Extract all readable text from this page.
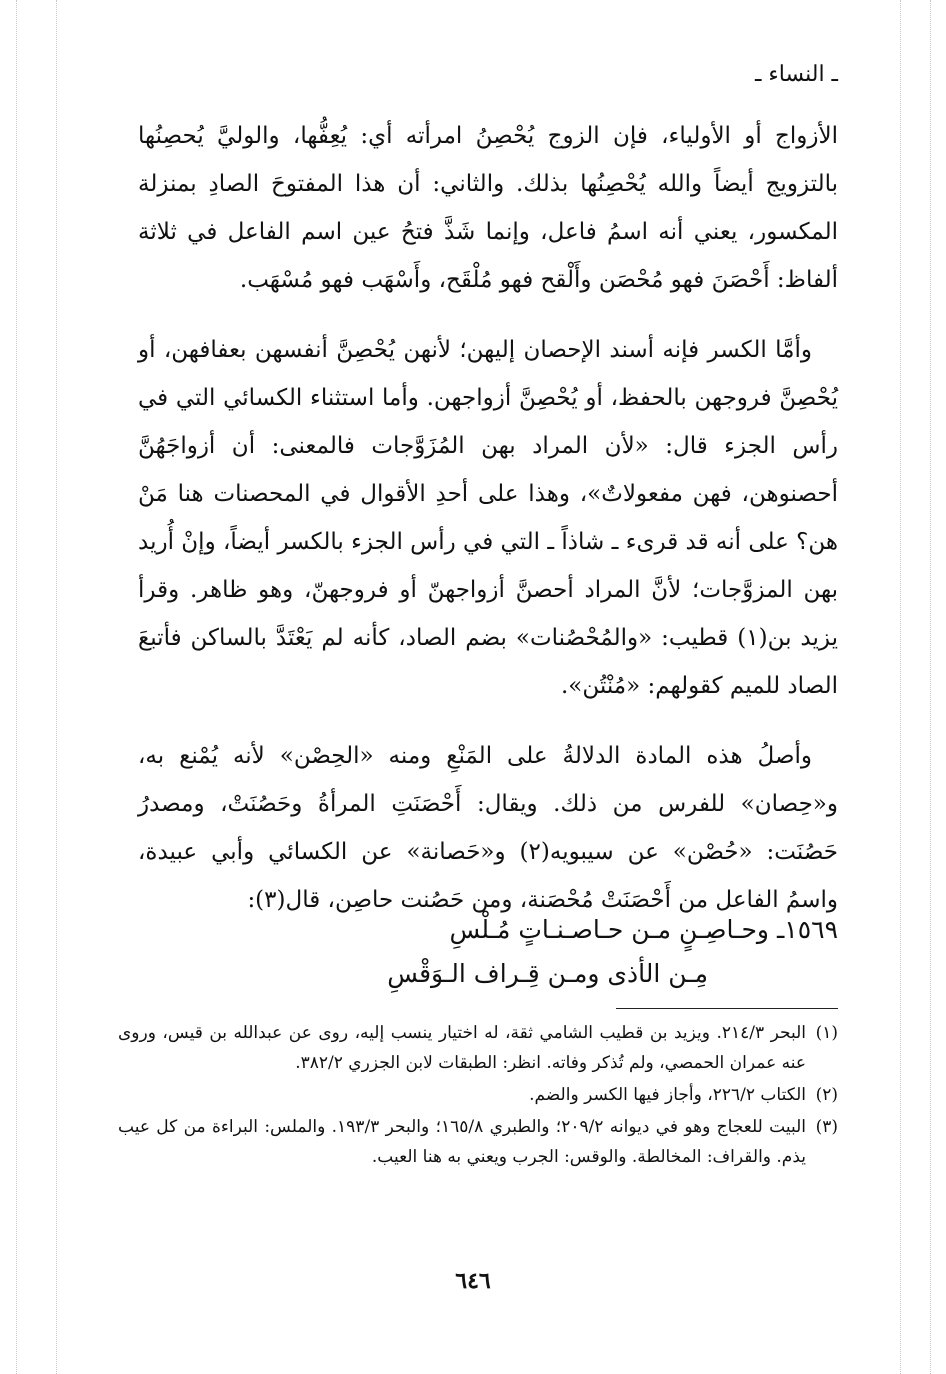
ـ النساء ـ

الأزواج أو الأولياء، فإن الزوج يُحْصِنُ امرأته أي: يُعِفُّها، والوليَّ يُحصِنُها بالتزويج أيضاً والله يُحْصِنُها بذلك. والثاني: أن هذا المفتوحَ الصادِ بمنزلة المكسور، يعني أنه اسمُ فاعل، وإنما شَذَّ فتحُ عين اسم الفاعل في ثلاثة ألفاظ: أَحْصَنَ فهو مُحْصَن وأَلْقح فهو مُلْقَح، وأَسْهَب فهو مُسْهَب.

وأمَّا الكسر فإنه أسند الإحصان إليهن؛ لأنهن يُحْصِنَّ أنفسهن بعفافهن، أو يُحْصِنَّ فروجهن بالحفظ، أو يُحْصِنَّ أزواجهن. وأما استثناء الكسائي التي في رأس الجزء قال: «لأن المراد بهن المُزَوَّجات فالمعنى: أن أزواجَهُنَّ أحصنوهن، فهن مفعولاتٌ»، وهذا على أحدِ الأقوال في المحصنات هنا مَنْ هن؟ على أنه قد قرىء ـ شاذاً ـ التي في رأس الجزء بالكسر أيضاً، وإنْ أُريد بهن المزوَّجات؛ لأنَّ المراد أحصنَّ أزواجهنّ أو فروجهنّ، وهو ظاهر. وقرأ يزيد بن(١) قطيب: «والمُحْصُنات» بضم الصاد، كأنه لم يَعْتَدَّ بالساكن فأتبعَ الصاد للميم كقولهم: «مُنْتُن».

وأصلُ هذه المادة الدلالةُ على المَنْعِ ومنه «الحِصْن» لأنه يُمْنع به، و«حِصان» للفرس من ذلك. ويقال: أَحْصَنَتِ المرأةُ وحَصُنَتْ، ومصدرُ حَصُنَت: «حُصْن» عن سيبويه(٢) و«حَصانة» عن الكسائي وأبي عبيدة، واسمُ الفاعل من أَحْصَنَتْ مُحْصَنة، ومن حَصُنت حاصِن، قال(٣):

١٥٦٩ـ وحـاصِـنٍ مـن حـاصـنـاتٍ مُـلْسِ
مِـن الأذى ومـن قِـراف الـوَقْسِ
(١)
البحر ٢١٤/٣. ويزيد بن قطيب الشامي ثقة، له اختيار ينسب إليه، روى عن عبدالله بن قيس، وروى عنه عمران الحمصي، ولم تُذكر وفاته. انظر: الطبقات لابن الجزري ٣٨٢/٢.
(٢)
الكتاب ٢٢٦/٢، وأجاز فيها الكسر والضم.
(٣)
البيت للعجاج وهو في ديوانه ٢٠٩/٢؛ والطبري ١٦٥/٨؛ والبحر ١٩٣/٣. والملس: البراءة من كل عيب يذم. والقراف: المخالطة. والوقس: الجرب ويعني به هنا العيب.
٦٤٦
